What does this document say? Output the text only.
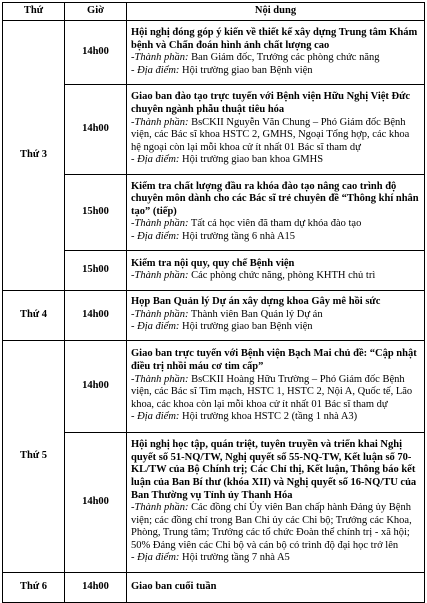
Thứ	Giờ	Nội dung
Thứ 3	14h00	Hội nghị đóng góp ý kiến về thiết kế xây dựng Trung tâm Khám bệnh và Chẩn đoán hình ảnh chất lượng cao
-Thành phần: Ban Giám đốc, Trưởng các phòng chức năng
- Địa điểm: Hội trường giao ban Bệnh viện

	14h00	Giao ban đào tạo trực tuyến với Bệnh viện Hữu Nghị Việt Đức chuyên ngành phẫu thuật tiêu hóa
-Thành phần: BsCKII Nguyễn Văn Chung – Phó Giám đốc Bệnh viện, các Bác sĩ khoa HSTC 2, GMHS, Ngoại Tổng hợp, các khoa hệ ngoại còn lại mỗi khoa cử ít nhất 01 Bác sĩ tham dự
- Địa điểm: Hội trường giao ban khoa GMHS

	15h00	Kiểm tra chất lượng đầu ra khóa đào tạo nâng cao trình độ chuyên môn dành cho các Bác sĩ trẻ chuyên đề “Thông khí nhân tạo” (tiếp)
-Thành phần: Tất cả học viên đã tham dự khóa đào tạo
- Địa điểm: Hội trường tầng 6 nhà A15

	15h00	Kiểm tra nội quy, quy chế Bệnh viện
-Thành phần: Các phòng chức năng, phòng KHTH chủ trì

Thứ 4	14h00	Họp Ban Quản lý Dự án xây dựng khoa Gây mê hồi sức
-Thành phần: Thành viên Ban Quản lý Dự án
- Địa điểm: Hội trường giao ban Bệnh viện

Thứ 5	14h00	Giao ban trực tuyến với Bệnh viện Bạch Mai chủ đề: “Cập nhật điều trị nhồi máu cơ tim cấp”
-Thành phần: BsCKII Hoàng Hữu Trường – Phó Giám đốc Bệnh viện, các Bác sĩ Tim mạch, HSTC 1, HSTC 2, Nội A, Quốc tế, Lão khoa, các khoa còn lại mỗi khoa cử ít nhất 01 Bác sĩ tham dự
- Địa điểm: Hội trường khoa HSTC 2 (tầng 1 nhà A3)

	14h00	Hội nghị học tập, quán triệt, tuyên truyền và triển khai Nghị quyết số 51-NQ/TW, Nghị quyết số 55-NQ-TW, Kết luận số 70-KL/TW của Bộ Chính trị; Các Chỉ thị, Kết luận, Thông báo kết luận của Ban Bí thư (khóa XII) và Nghị quyết số 16-NQ/TU của Ban Thường vụ Tỉnh ủy Thanh Hóa
-Thành phần: Các đồng chí Ủy viên Ban chấp hành Đảng ủy Bệnh viện; các đồng chí trong Ban Chi ủy các Chi bộ; Trưởng các Khoa, Phòng, Trung tâm; Trưởng các tổ chức Đoàn thể chính trị - xã hội; 50% Đảng viên các Chi bộ và cán bộ có trình độ đại học trở lên
- Địa điểm: Hội trường tầng 7 nhà A5

Thứ 6	14h00	Giao ban cuối tuần
